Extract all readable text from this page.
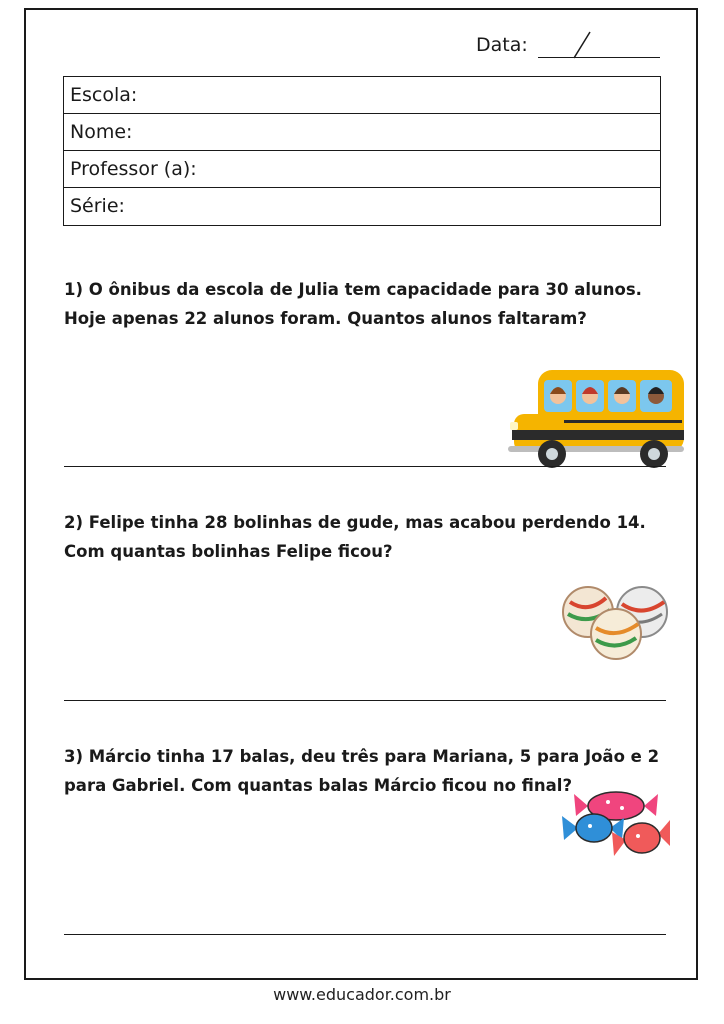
Data:
Escola:
Nome:
Professor (a):
Série:
1) O ônibus da escola de Julia tem capacidade para 30 alunos. Hoje apenas 22 alunos foram. Quantos alunos faltaram?
2) Felipe tinha 28 bolinhas de gude, mas acabou perdendo 14. Com quantas bolinhas Felipe ficou?
3) Márcio tinha 17 balas, deu três para Mariana, 5 para João e 2 para Gabriel. Com quantas balas Márcio ficou no final?
www.educador.com.br
